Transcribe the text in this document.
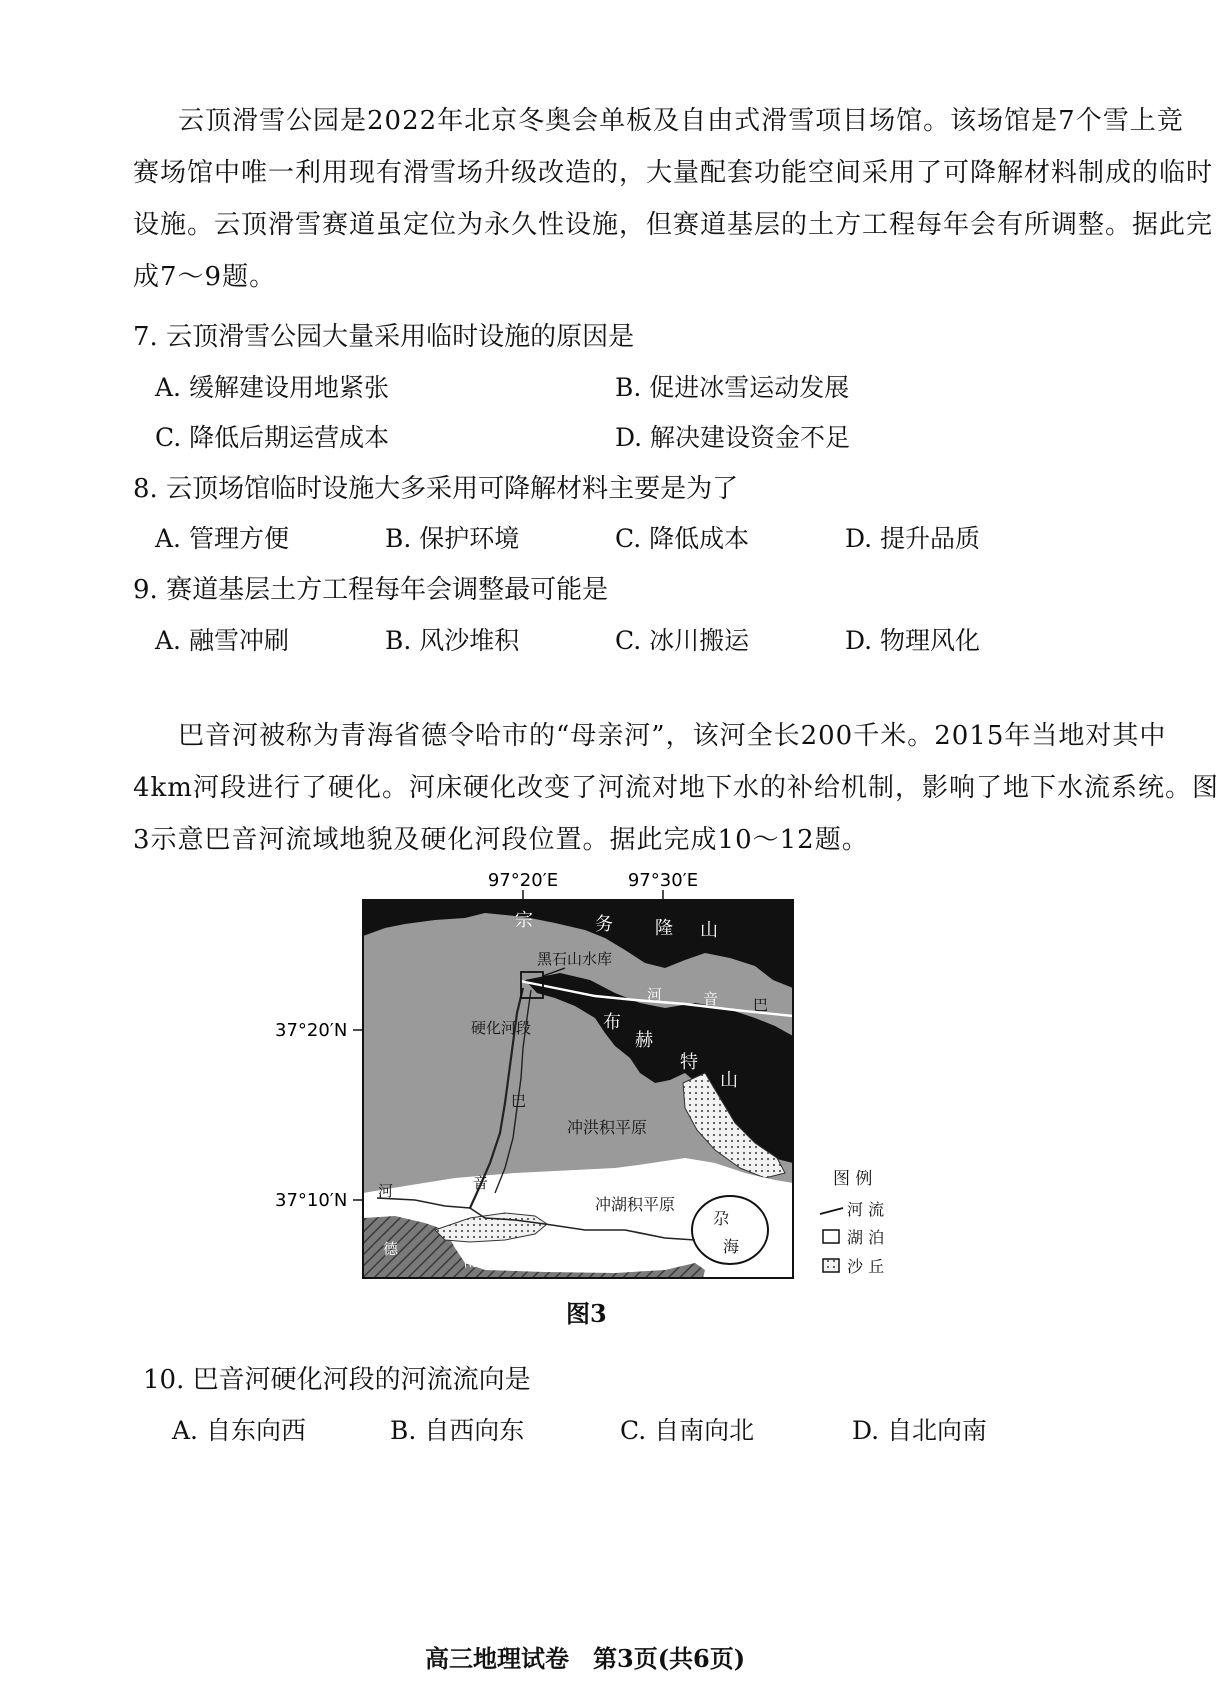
云顶滑雪公园是2022年北京冬奥会单板及自由式滑雪项目场馆。该场馆是7个雪上竞
赛场馆中唯一利用现有滑雪场升级改造的，大量配套功能空间采用了可降解材料制成的临时
设施。云顶滑雪赛道虽定位为永久性设施，但赛道基层的土方工程每年会有所调整。据此完
成7～9题。
7. 云顶滑雪公园大量采用临时设施的原因是
A. 缓解建设用地紧张	B. 促进冰雪运动发展
C. 降低后期运营成本	D. 解决建设资金不足
8. 云顶场馆临时设施大多采用可降解材料主要是为了
A. 管理方便	B. 保护环境	C. 降低成本	D. 提升品质
9. 赛道基层土方工程每年会调整最可能是
A. 融雪冲刷	B. 风沙堆积	C. 冰川搬运	D. 物理风化
巴音河被称为青海省德令哈市的“母亲河”，该河全长200千米。2015年当地对其中
4km河段进行了硬化。河床硬化改变了河流对地下水的补给机制，影响了地下水流系统。图
3示意巴音河流域地貌及硬化河段位置。据此完成10～12题。
97°20′E	97°30′E
37°20′N
37°10′N
宗	务 隆 山
布
赫
特
山
黑石山水库
硬化河段
河	音 巴
巴
音
河
冲洪积平原
冲湖积平原
尕
海
德
南	隆	起
图 例
河 流
湖 泊
沙 丘
图3
10. 巴音河硬化河段的河流流向是
A. 自东向西	B. 自西向东	C. 自南向北	D. 自北向南
高三地理试卷　第3页(共6页)
